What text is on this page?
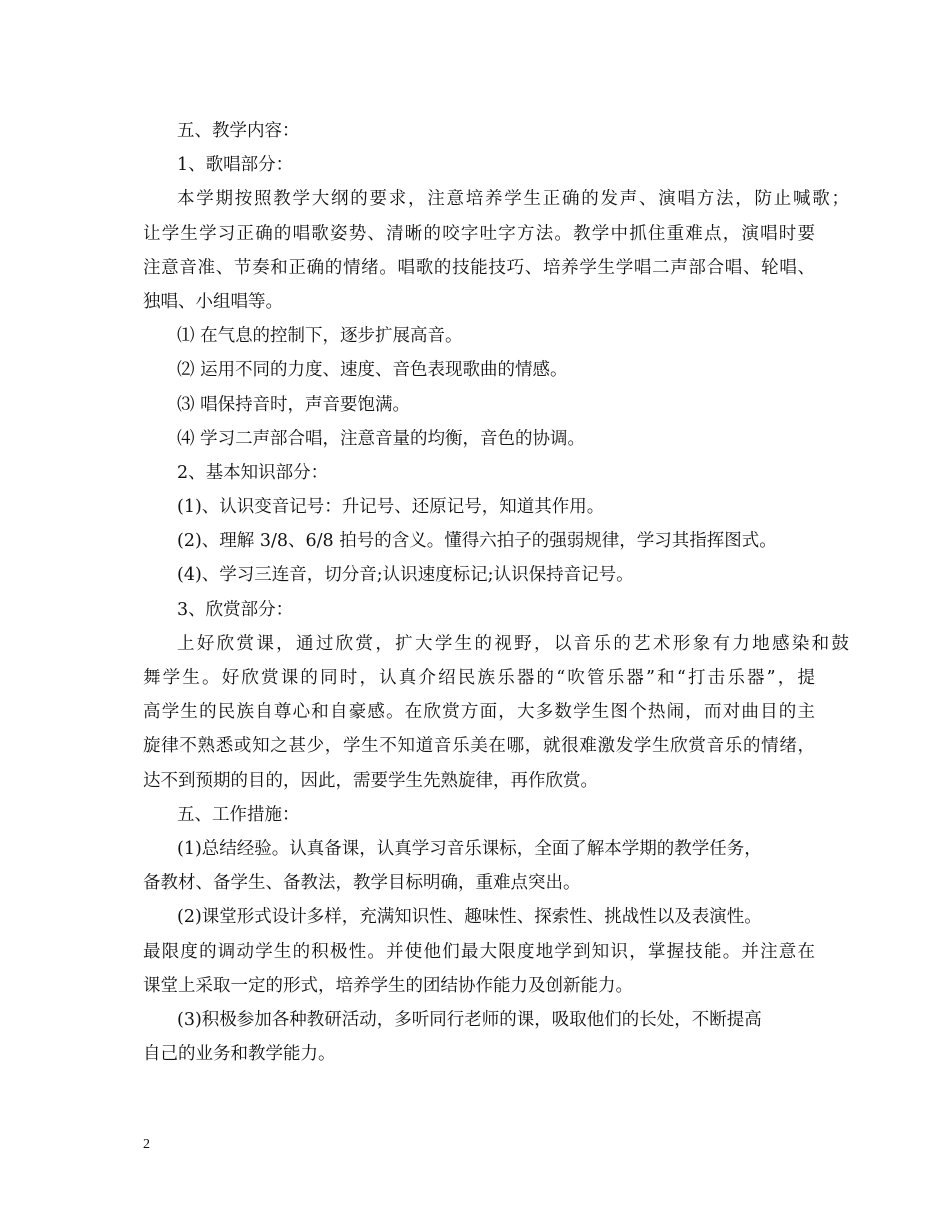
五、教学内容：
1、歌唱部分：
本学期按照教学大纲的要求，注意培养学生正确的发声、演唱方法，防止喊歌；
让学生学习正确的唱歌姿势、清晰的咬字吐字方法。教学中抓住重难点，演唱时要
注意音准、节奏和正确的情绪。唱歌的技能技巧、培养学生学唱二声部合唱、轮唱、
独唱、小组唱等。
⑴ 在气息的控制下，逐步扩展高音。
⑵ 运用不同的力度、速度、音色表现歌曲的情感。
⑶ 唱保持音时，声音要饱满。
⑷ 学习二声部合唱，注意音量的均衡，音色的协调。
2、基本知识部分：
(1)、认识变音记号：升记号、还原记号，知道其作用。
(2)、理解 3/8、6/8 拍号的含义。懂得六拍子的强弱规律，学习其指挥图式。
(4)、学习三连音，切分音;认识速度标记;认识保持音记号。
3、欣赏部分：
上好欣赏课，通过欣赏，扩大学生的视野，以音乐的艺术形象有力地感染和鼓
舞学生。好欣赏课的同时，认真介绍民族乐器的“吹管乐器”和“打击乐器”，提
高学生的民族自尊心和自豪感。在欣赏方面，大多数学生图个热闹，而对曲目的主
旋律不熟悉或知之甚少，学生不知道音乐美在哪，就很难激发学生欣赏音乐的情绪，
达不到预期的目的，因此，需要学生先熟旋律，再作欣赏。
五、工作措施：
(1)总结经验。认真备课，认真学习音乐课标，全面了解本学期的教学任务，
备教材、备学生、备教法，教学目标明确，重难点突出。
(2)课堂形式设计多样，充满知识性、趣味性、探索性、挑战性以及表演性。
最限度的调动学生的积极性。并使他们最大限度地学到知识，掌握技能。并注意在
课堂上采取一定的形式，培养学生的团结协作能力及创新能力。
(3)积极参加各种教研活动，多听同行老师的课，吸取他们的长处，不断提高
自己的业务和教学能力。
2
